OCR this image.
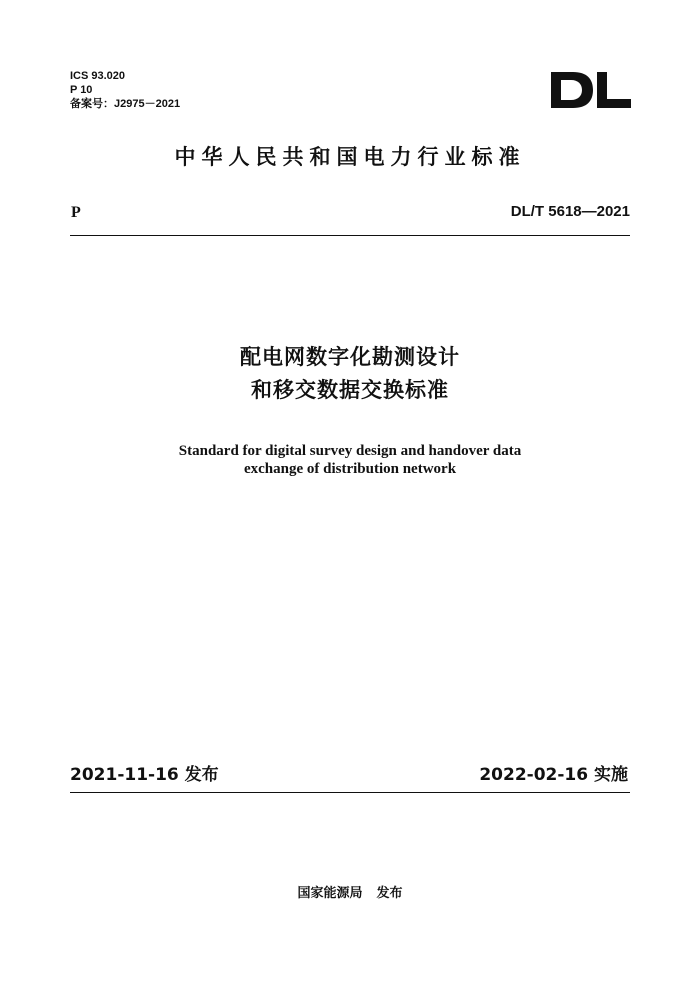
ICS 93.020
P 10
备案号：J2975－2021
中华人民共和国电力行业标准
P	DL/T 5618—2021
配电网数字化勘测设计
和移交数据交换标准
Standard for digital survey design and handover data
exchange of distribution network
2021-11-16 发布	2022-02-16 实施
国家能源局 发布
